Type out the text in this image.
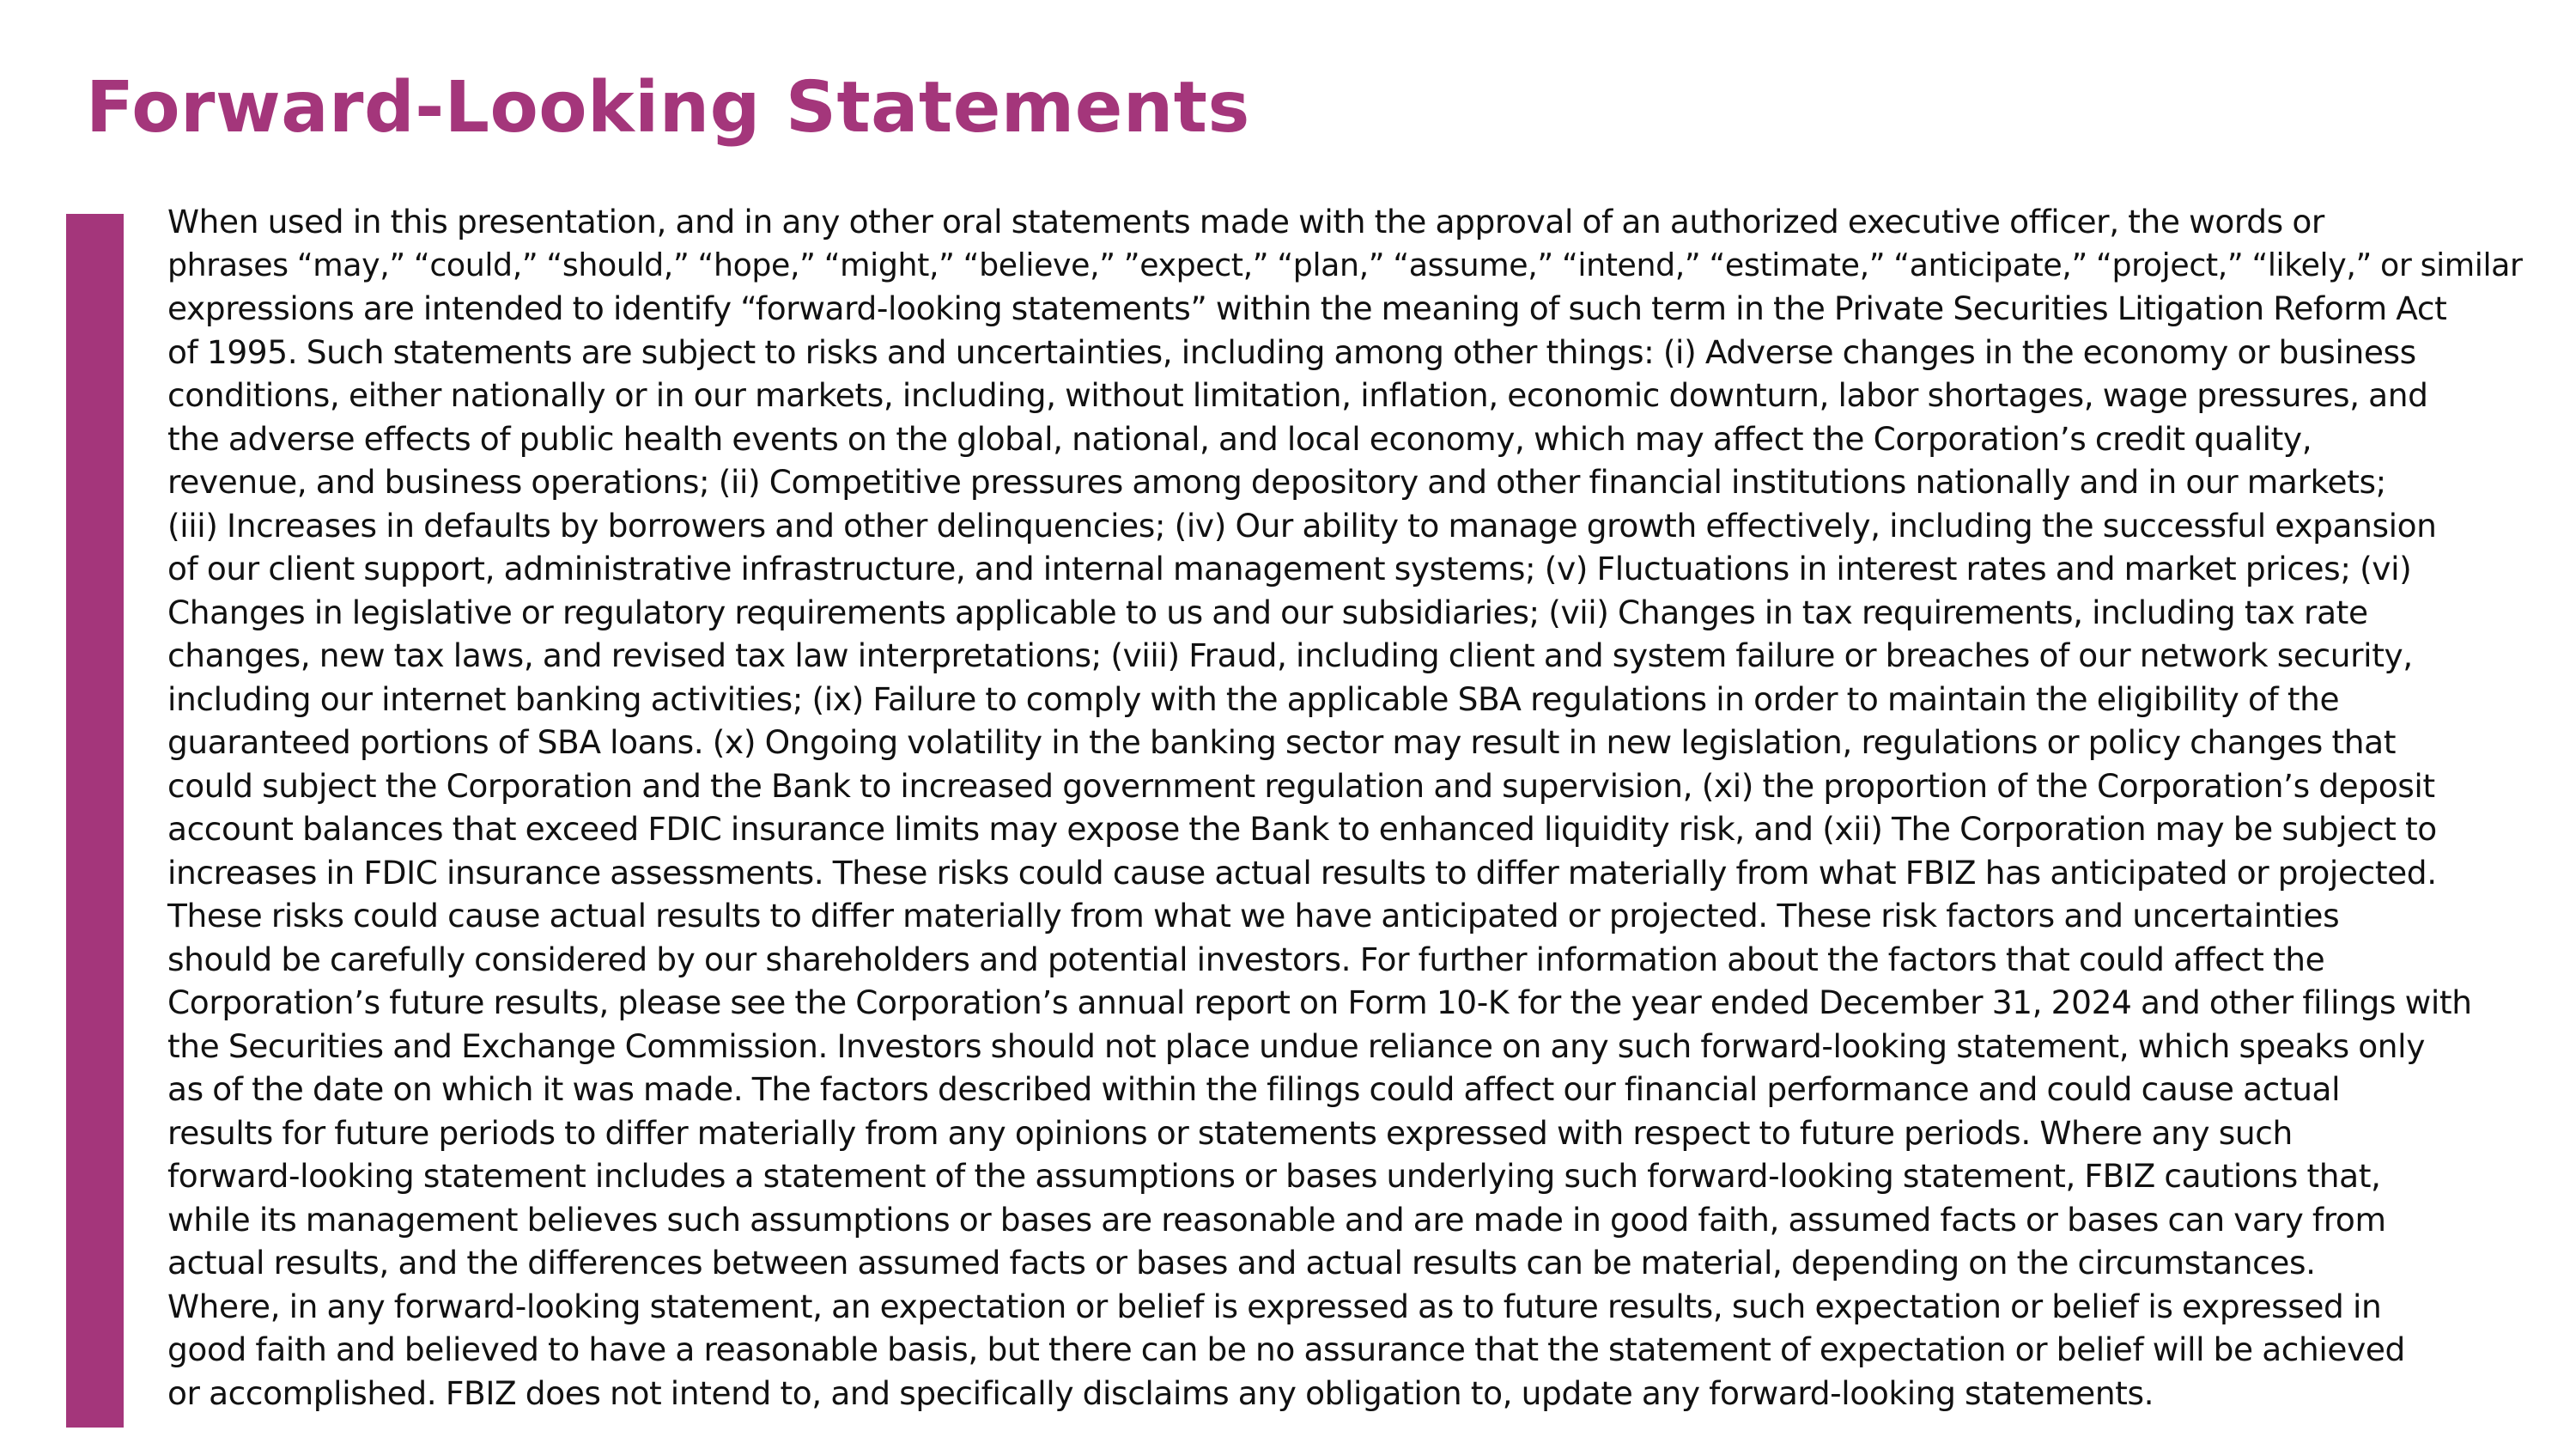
Forward-Looking Statements
When used in this presentation, and in any other oral statements made with the approval of an authorized executive officer, the words or
phrases “may,” “could,” “should,” “hope,” “might,” “believe,” ”expect,” “plan,” “assume,” “intend,” “estimate,” “anticipate,” “project,” “likely,” or similar
expressions are intended to identify “forward-looking statements” within the meaning of such term in the Private Securities Litigation Reform Act
of 1995. Such statements are subject to risks and uncertainties, including among other things: (i) Adverse changes in the economy or business
conditions, either nationally or in our markets, including, without limitation, inflation, economic downturn, labor shortages, wage pressures, and
the adverse effects of public health events on the global, national, and local economy, which may affect the Corporation’s credit quality,
revenue, and business operations; (ii) Competitive pressures among depository and other financial institutions nationally and in our markets;
(iii) Increases in defaults by borrowers and other delinquencies; (iv) Our ability to manage growth effectively, including the successful expansion
of our client support, administrative infrastructure, and internal management systems; (v) Fluctuations in interest rates and market prices; (vi)
Changes in legislative or regulatory requirements applicable to us and our subsidiaries; (vii) Changes in tax requirements, including tax rate
changes, new tax laws, and revised tax law interpretations; (viii) Fraud, including client and system failure or breaches of our network security,
including our internet banking activities; (ix) Failure to comply with the applicable SBA regulations in order to maintain the eligibility of the
guaranteed portions of SBA loans. (x) Ongoing volatility in the banking sector may result in new legislation, regulations or policy changes that
could subject the Corporation and the Bank to increased government regulation and supervision, (xi) the proportion of the Corporation’s deposit
account balances that exceed FDIC insurance limits may expose the Bank to enhanced liquidity risk, and (xii) The Corporation may be subject to
increases in FDIC insurance assessments. These risks could cause actual results to differ materially from what FBIZ has anticipated or projected.
These risks could cause actual results to differ materially from what we have anticipated or projected. These risk factors and uncertainties
should be carefully considered by our shareholders and potential investors. For further information about the factors that could affect the
Corporation’s future results, please see the Corporation’s annual report on Form 10-K for the year ended December 31, 2024 and other filings with
the Securities and Exchange Commission. Investors should not place undue reliance on any such forward-looking statement, which speaks only
as of the date on which it was made. The factors described within the filings could affect our financial performance and could cause actual
results for future periods to differ materially from any opinions or statements expressed with respect to future periods. Where any such
forward-looking statement includes a statement of the assumptions or bases underlying such forward-looking statement, FBIZ cautions that,
while its management believes such assumptions or bases are reasonable and are made in good faith, assumed facts or bases can vary from
actual results, and the differences between assumed facts or bases and actual results can be material, depending on the circumstances.
Where, in any forward-looking statement, an expectation or belief is expressed as to future results, such expectation or belief is expressed in
good faith and believed to have a reasonable basis, but there can be no assurance that the statement of expectation or belief will be achieved
or accomplished. FBIZ does not intend to, and specifically disclaims any obligation to, update any forward-looking statements.
